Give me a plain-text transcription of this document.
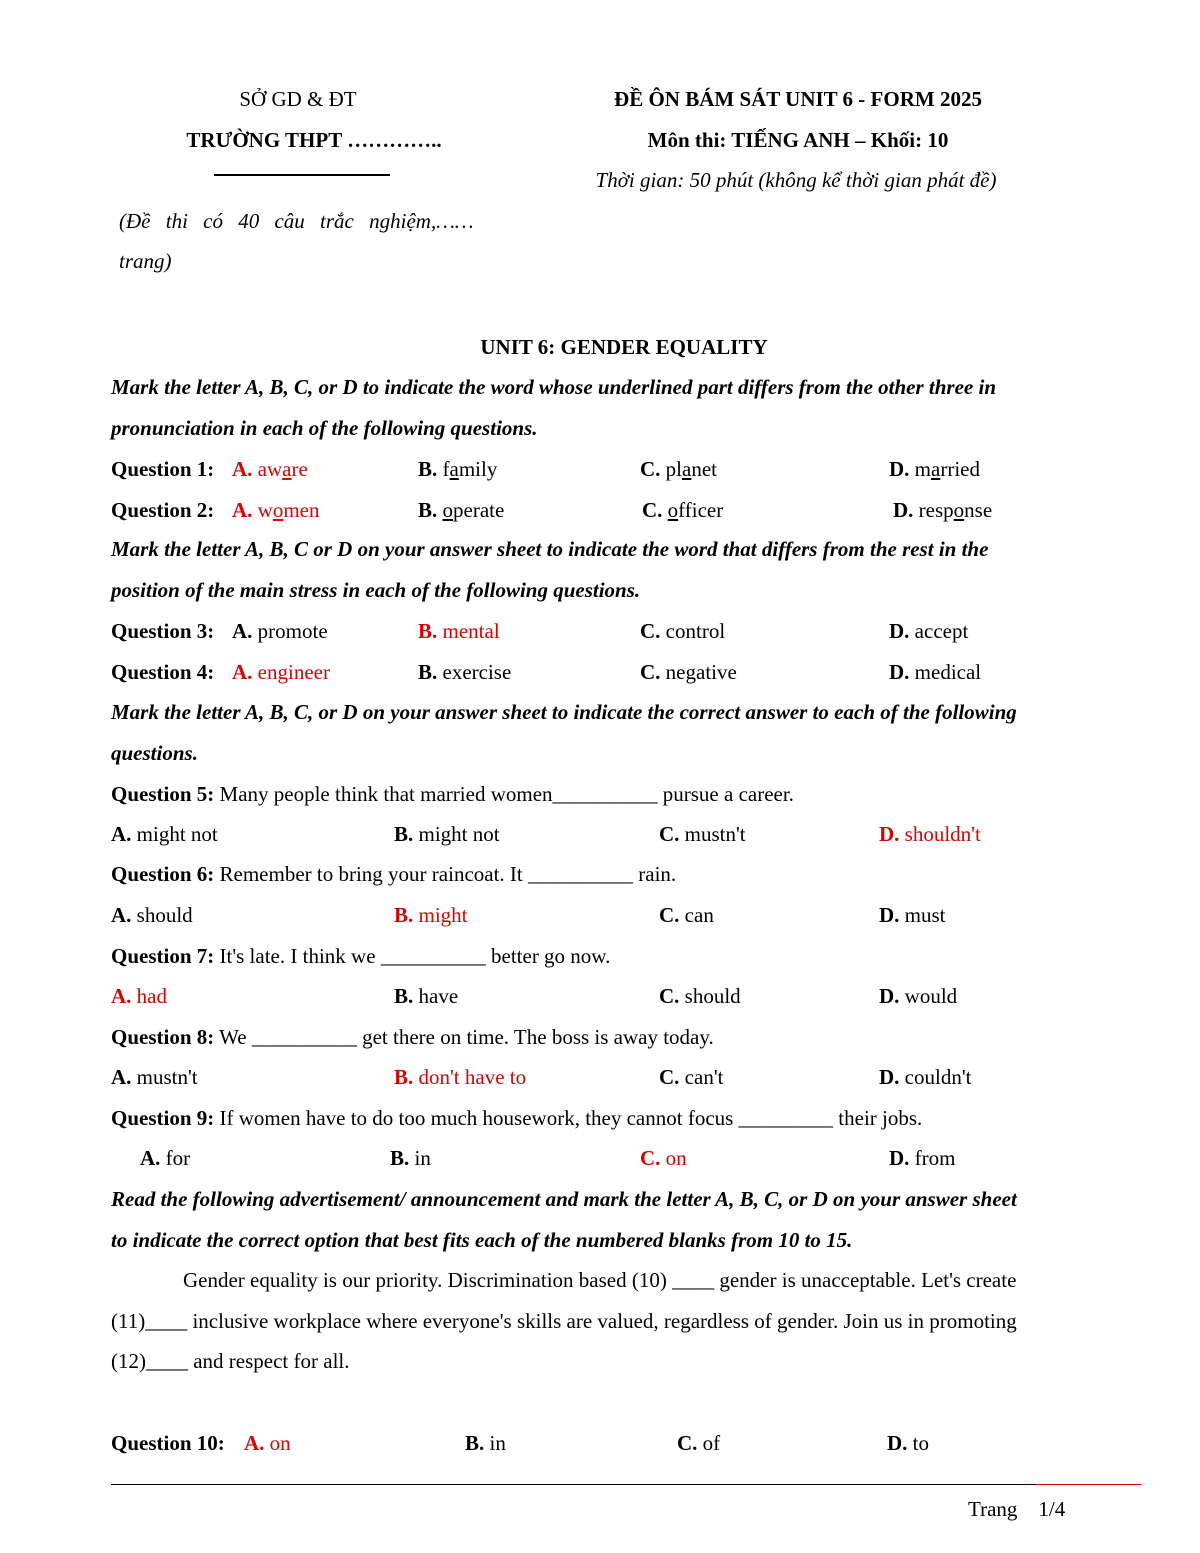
SỞ GD & ĐT
TRƯỜNG THPT …………..
(Đề thi có 40 câu trắc nghiệm,……
trang)
ĐỀ ÔN BÁM SÁT UNIT 6 - FORM 2025
Môn thi: TIẾNG ANH – Khối: 10
Thời gian: 50 phút (không kể thời gian phát đề)
UNIT 6: GENDER EQUALITY
Mark the letter A, B, C, or D to indicate the word whose underlined part differs from the other three in
pronunciation in each of the following questions.
Question 1: A. aware	B. family	C. planet	D. married
Question 2: A. women	B. operate	C. officer	D. response
Mark the letter A, B, C or D on your answer sheet to indicate the word that differs from the rest in the
position of the main stress in each of the following questions.
Question 3: A. promote	B. mental	C. control	D. accept
Question 4: A. engineer	B. exercise	C. negative	D. medical
Mark the letter A, B, C, or D on your answer sheet to indicate the correct answer to each of the following
questions.
Question 5: Many people think that married women__________ pursue a career.
A. might not	B. might not	C. mustn't	D. shouldn't
Question 6: Remember to bring your raincoat. It __________ rain.
A. should	B. might	C. can	D. must
Question 7: It's late. I think we __________ better go now.
A. had	B. have	C. should	D. would
Question 8: We __________ get there on time. The boss is away today.
A. mustn't	B. don't have to	C. can't	D. couldn't
Question 9: If women have to do too much housework, they cannot focus _________ their jobs.
A. for	B. in	C. on	D. from
Read the following advertisement/ announcement and mark the letter A, B, C, or D on your answer sheet
to indicate the correct option that best fits each of the numbered blanks from 10 to 15.
Gender equality is our priority. Discrimination based (10) ____ gender is unacceptable. Let's create
(11)____ inclusive workplace where everyone's skills are valued, regardless of gender. Join us in promoting
(12)____ and respect for all.
Question 10: A. on	B. in	C. of	D. to
Trang 1/4
